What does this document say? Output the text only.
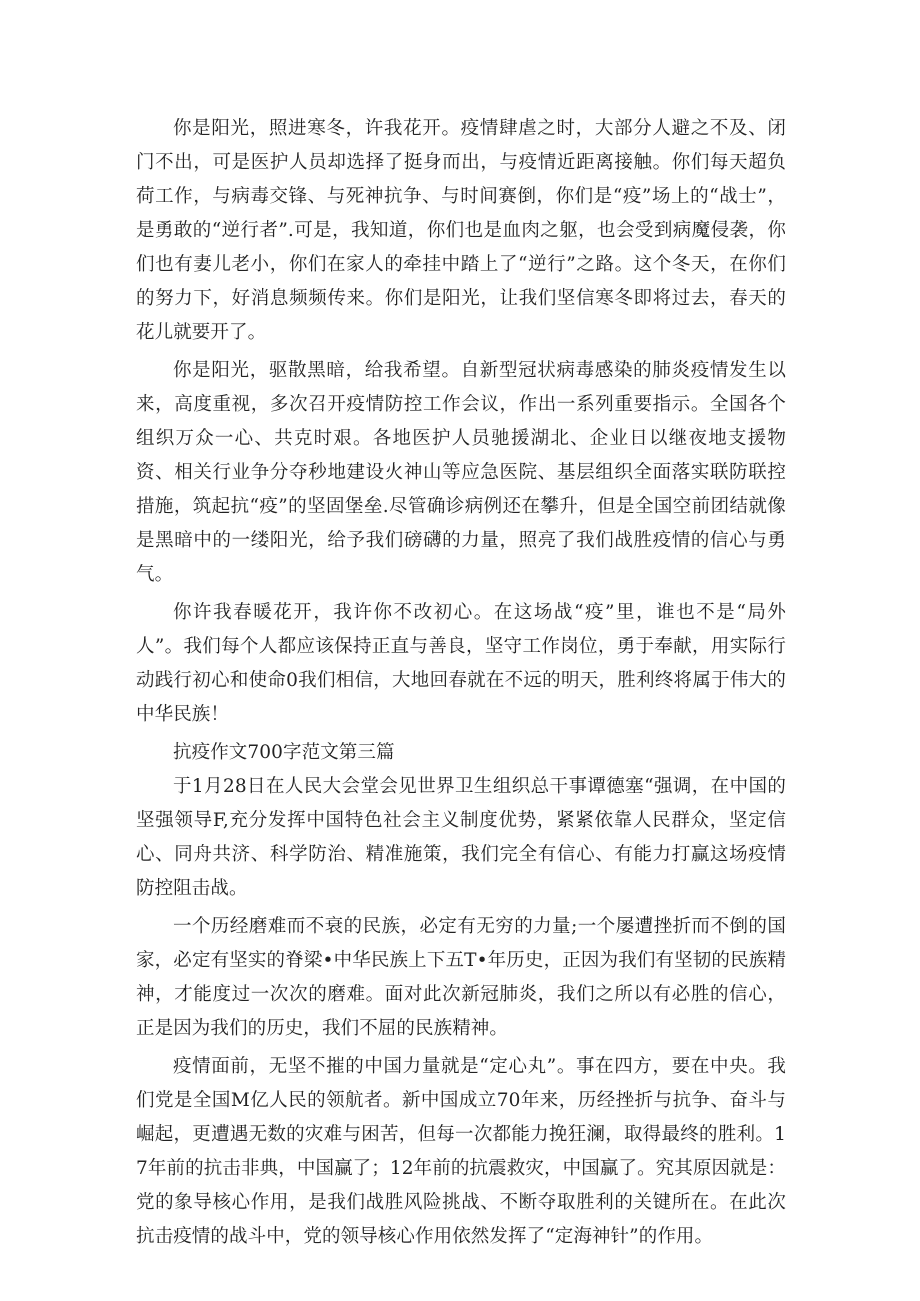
你是阳光，照进寒冬，许我花开。疫情肆虐之时，大部分人避之不及、闭门不出，可是医护人员却选择了挺身而出，与疫情近距离接触。你们每天超负荷工作，与病毒交锋、与死神抗争、与时间赛倒，你们是“疫”场上的“战士”，是勇敢的“逆行者”.可是，我知道，你们也是血肉之躯，也会受到病魔侵袭，你们也有妻儿老小，你们在家人的牵挂中踏上了“逆行”之路。这个冬天，在你们的努力下，好消息频频传来。你们是阳光，让我们坚信寒冬即将过去，春天的花儿就要开了。

你是阳光，驱散黑暗，给我希望。自新型冠状病毒感染的肺炎疫情发生以来，高度重视，多次召开疫情防控工作会议，作出一系列重要指示。全国各个组织万众一心、共克时艰。各地医护人员驰援湖北、企业日以继夜地支援物资、相关行业争分夺秒地建设火神山等应急医院、基层组织全面落实联防联控措施，筑起抗“疫”的坚固堡垒.尽管确诊病例还在攀升，但是全国空前团结就像是黑暗中的一缕阳光，给予我们磅礴的力量，照亮了我们战胜疫情的信心与勇气。

你许我春暖花开，我许你不改初心。在这场战“疫”里，谁也不是“局外人”。我们每个人都应该保持正直与善良，坚守工作岗位，勇于奉献，用实际行动践行初心和使命0我们相信，大地回春就在不远的明天，胜利终将属于伟大的中华民族！

抗疫作文700字范文第三篇

于1月28日在人民大会堂会见世界卫生组织总干事谭德塞“强调，在中国的坚强领导F,充分发挥中国特色社会主义制度优势，紧紧依靠人民群众，坚定信心、同舟共济、科学防治、精准施策，我们完全有信心、有能力打赢这场疫情防控阻击战。

一个历经磨难而不衰的民族，必定有无穷的力量;一个屡遭挫折而不倒的国家，必定有坚实的脊梁•中华民族上下五T•年历史，正因为我们有坚韧的民族精神，才能度过一次次的磨难。面对此次新冠肺炎，我们之所以有必胜的信心，正是因为我们的历史，我们不屈的民族精神。

疫情面前，无坚不摧的中国力量就是“定心丸”。事在四方，要在中央。我们党是全国M亿人民的领航者。新中国成立70年来，历经挫折与抗争、奋斗与崛起，更遭遇无数的灾难与困苦，但每一次都能力挽狂澜，取得最终的胜利。17年前的抗击非典，中国赢了；12年前的抗震救灾，中国赢了。究其原因就是：党的象导核心作用，是我们战胜风险挑战、不断夺取胜利的关键所在。在此次抗击疫情的战斗中，党的领导核心作用依然发挥了“定海神针”的作用。
